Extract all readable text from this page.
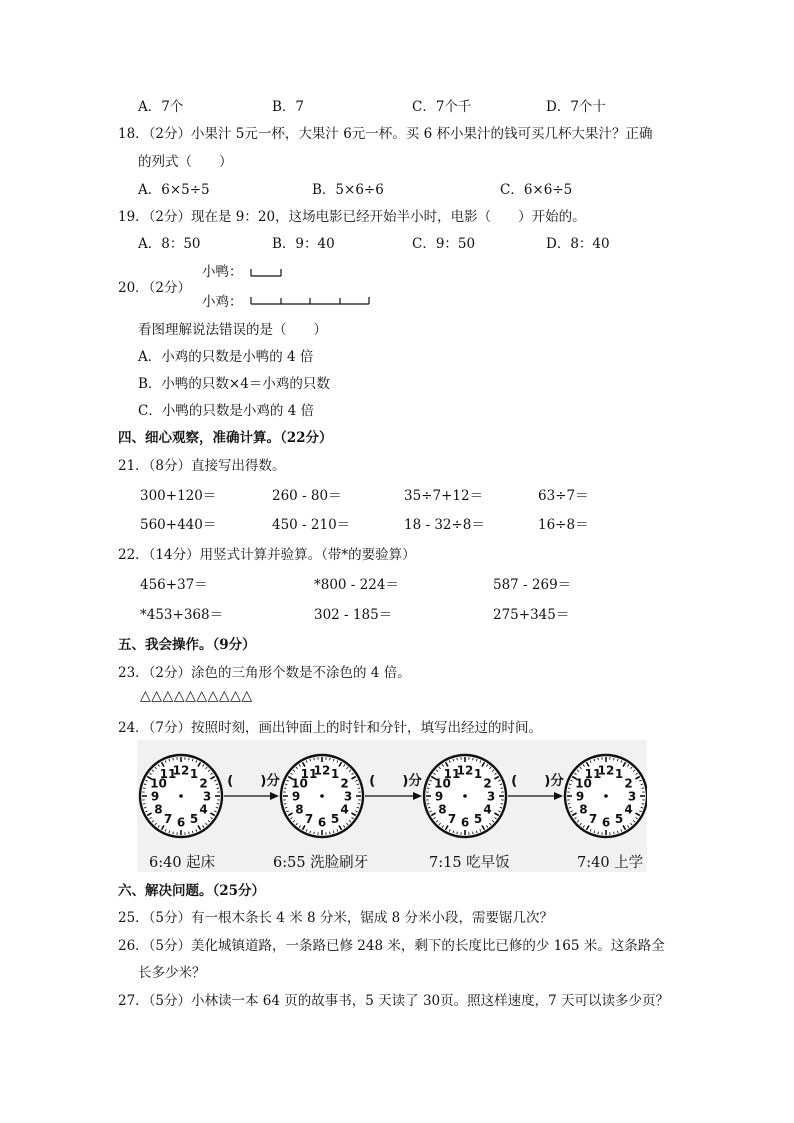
A．7个	B．7	C．7个千	D．7个十
18．（2分）小果汁 5元一杯，大果汁 6元一杯。买 6 杯小果汁的钱可买几杯大果汁？正确
的列式（　　）
A．6×5÷5	B．5×6÷6	C．6×6÷5
19．（2分）现在是 9：20，这场电影已经开始半小时，电影（　　）开始的。
A．8：50	B．9：40	C．9：50	D．8：40
20．（2分）
小鸭：
小鸡：
看图理解说法错误的是（　　）
A．小鸡的只数是小鸭的 4 倍
B．小鸭的只数×4＝小鸡的只数
C．小鸭的只数是小鸡的 4 倍
四、细心观察，准确计算。（22分）
21．（8分）直接写出得数。
300+120＝	260 - 80＝	35÷7+12＝	63÷7＝
560+440＝	450 - 210＝	18 - 32÷8＝	16÷8＝
22．（14分）用竖式计算并验算。（带*的要验算）
456+37＝	*800 - 224＝	587 - 269＝
*453+368＝	302 - 185＝	275+345＝
五、我会操作。（9分）
23．（2分）涂色的三角形个数是不涂色的 4 倍。
△△△△△△△△△△
24．（7分）按照时刻，画出钟面上的时针和分针，填写出经过的时间。
12 1
2
3
4
5
6
7
8
9
10
11	12 1
2
3
4
5
6
7
8
9
10
11	12 1
2
3
4
5
6
7
8
9
10
11	12 1
2
3
4
5
6
7
8
9
10
11
(　　)分	(　　)分	(　　)分
6:40 起床	6:55 洗脸刷牙	7:15 吃早饭	7:40 上学
六、解决问题。（25分）
25．（5分）有一根木条长 4 米 8 分米，锯成 8 分米小段，需要锯几次？
26．（5分）美化城镇道路，一条路已修 248 米，剩下的长度比已修的少 165 米。这条路全
长多少米？
27．（5分）小林读一本 64 页的故事书，5 天读了 30页。照这样速度，7 天可以读多少页？
